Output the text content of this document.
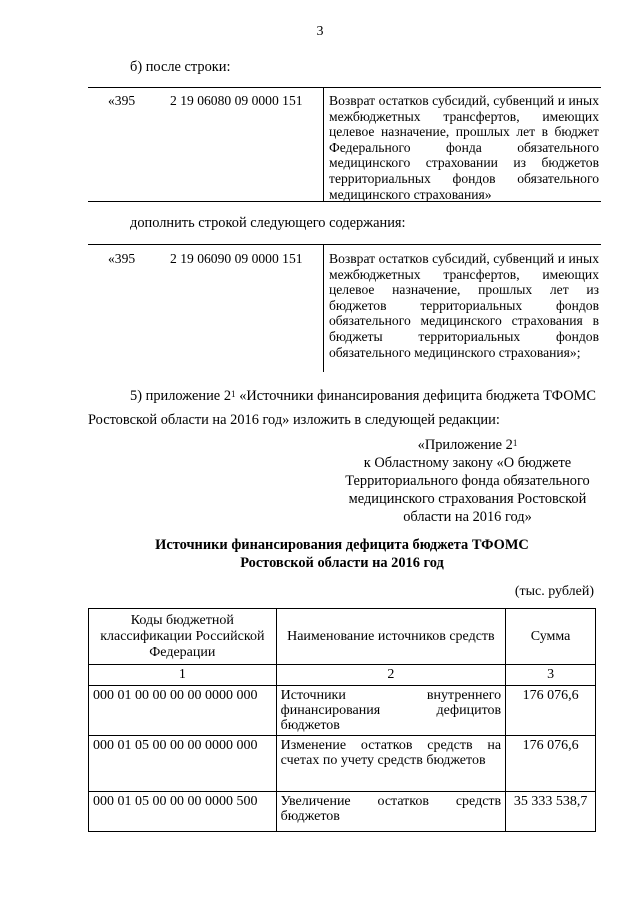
3
б) после строки:
«395	2 19 06080 09 0000 151 Возврат остатков субсидий, субвенций и иных межбюджетных трансфертов, имеющих целевое назначение, прошлых лет в бюджет Федерального фонда обязательного медицинского страховании из бюджетов территориальных фондов обязательного медицинского страхования»
дополнить строкой следующего содержания:
«395	2 19 06090 09 0000 151 Возврат остатков субсидий, субвенций и иных межбюджетных трансфертов, имеющих целевое назначение, прошлых лет из бюджетов территориальных фондов обязательного медицинского страхования в бюджеты территориальных фондов обязательного медицинского страхования»;
5) приложение $2^1$ «Источники финансирования дефицита бюджета ТФОМС Ростовской области на 2016 год» изложить в следующей редакции:
«Приложение $2^1$
к Областному закону «О бюджете
Территориального фонда обязательного
медицинского страхования Ростовской
области на 2016 год»
Источники финансирования дефицита бюджета ТФОМС
Ростовской области на 2016 год
(тыс. рублей)
Коды бюджетной классификации Российской Федерации	Наименование источников средств	Сумма
1	2	3
000 01 00 00 00 00 0000 000	Источники внутреннего финансирования дефицитов бюджетов	176 076,6
000 01 05 00 00 00 0000 000	Изменение остатков средств на счетах по учету средств бюджетов	176 076,6
000 01 05 00 00 00 0000 500	Увеличение остатков средств бюджетов	35 333 538,7
